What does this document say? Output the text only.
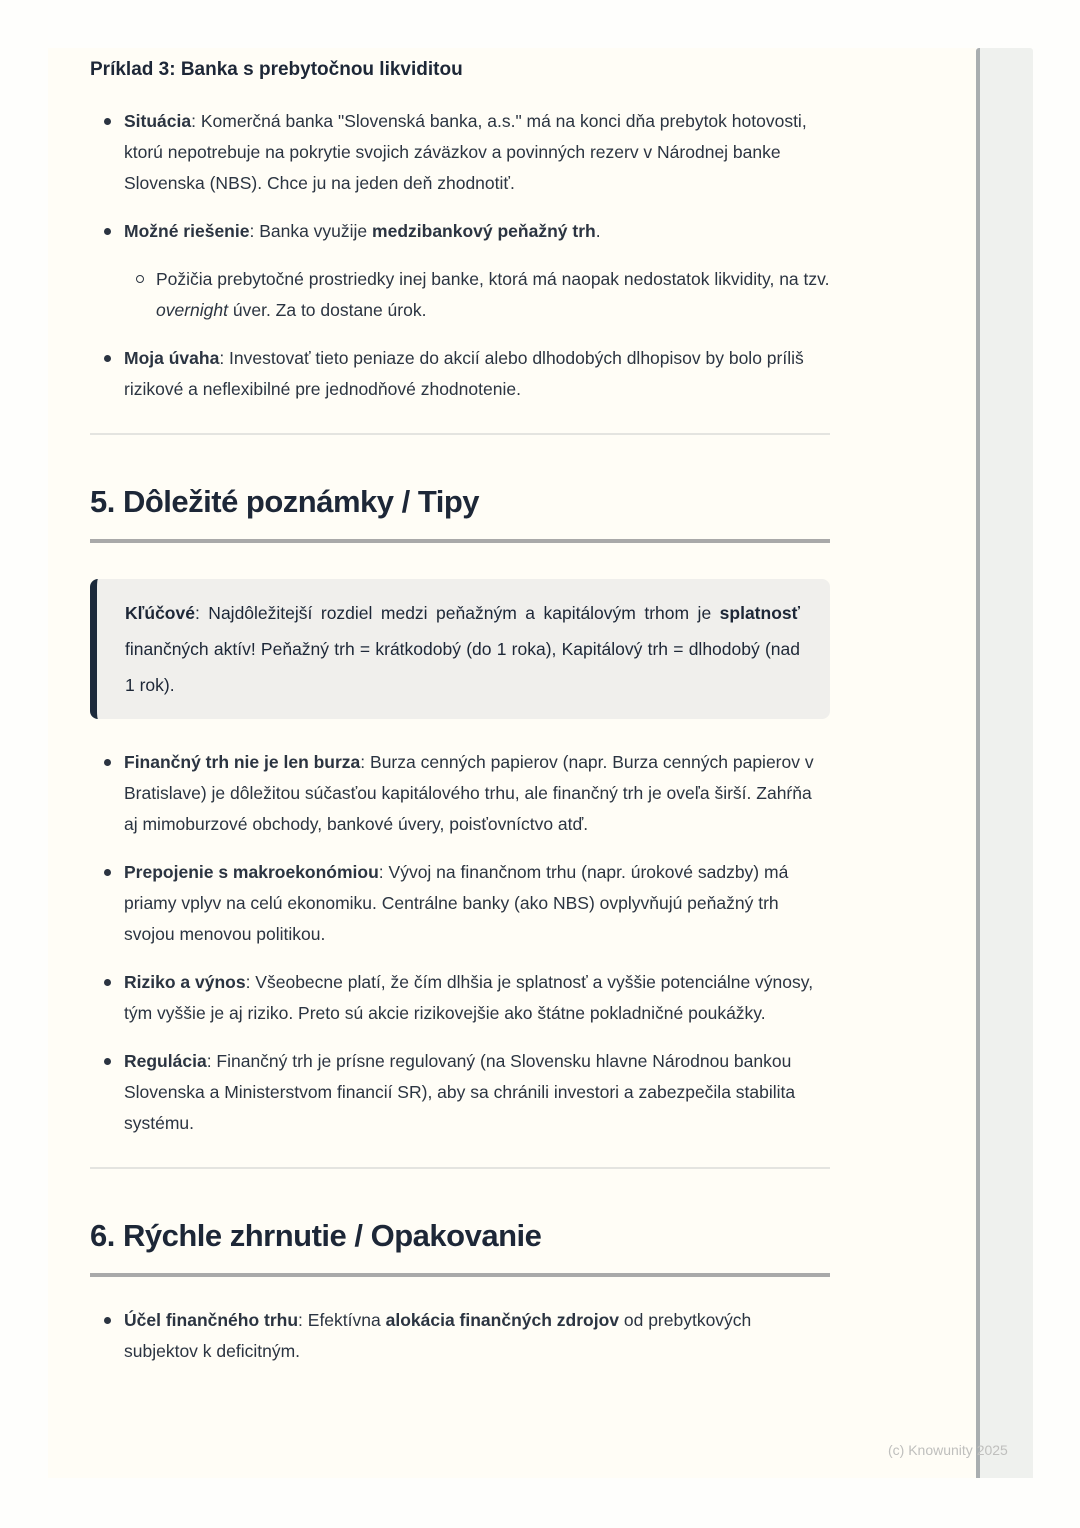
Príklad 3: Banka s prebytočnou likviditou
Situácia: Komerčná banka "Slovenská banka, a.s." má na konci dňa prebytok hotovosti, ktorú nepotrebuje na pokrytie svojich záväzkov a povinných rezerv v Národnej banke Slovenska (NBS). Chce ju na jeden deň zhodnotiť.
Možné riešenie: Banka využije medzibankový peňažný trh.
Požičia prebytočné prostriedky inej banke, ktorá má naopak nedostatok likvidity, na tzv. overnight úver. Za to dostane úrok.
Moja úvaha: Investovať tieto peniaze do akcií alebo dlhodobých dlhopisov by bolo príliš rizikové a neflexibilné pre jednodňové zhodnotenie.
5. Dôležité poznámky / Tipy
Kľúčové: Najdôležitejší rozdiel medzi peňažným a kapitálovým trhom je splatnosť finančných aktív! Peňažný trh = krátkodobý (do 1 roka), Kapitálový trh = dlhodobý (nad 1 rok).
Finančný trh nie je len burza: Burza cenných papierov (napr. Burza cenných papierov v Bratislave) je dôležitou súčasťou kapitálového trhu, ale finančný trh je oveľa širší. Zahŕňa aj mimoburzové obchody, bankové úvery, poisťovníctvo atď.
Prepojenie s makroekonómiou: Vývoj na finančnom trhu (napr. úrokové sadzby) má priamy vplyv na celú ekonomiku. Centrálne banky (ako NBS) ovplyvňujú peňažný trh svojou menovou politikou.
Riziko a výnos: Všeobecne platí, že čím dlhšia je splatnosť a vyššie potenciálne výnosy, tým vyššie je aj riziko. Preto sú akcie rizikovejšie ako štátne pokladničné poukážky.
Regulácia: Finančný trh je prísne regulovaný (na Slovensku hlavne Národnou bankou Slovenska a Ministerstvom financií SR), aby sa chránili investori a zabezpečila stabilita systému.
6. Rýchle zhrnutie / Opakovanie
Účel finančného trhu: Efektívna alokácia finančných zdrojov od prebytkových subjektov k deficitným.
(c) Knowunity 2025
